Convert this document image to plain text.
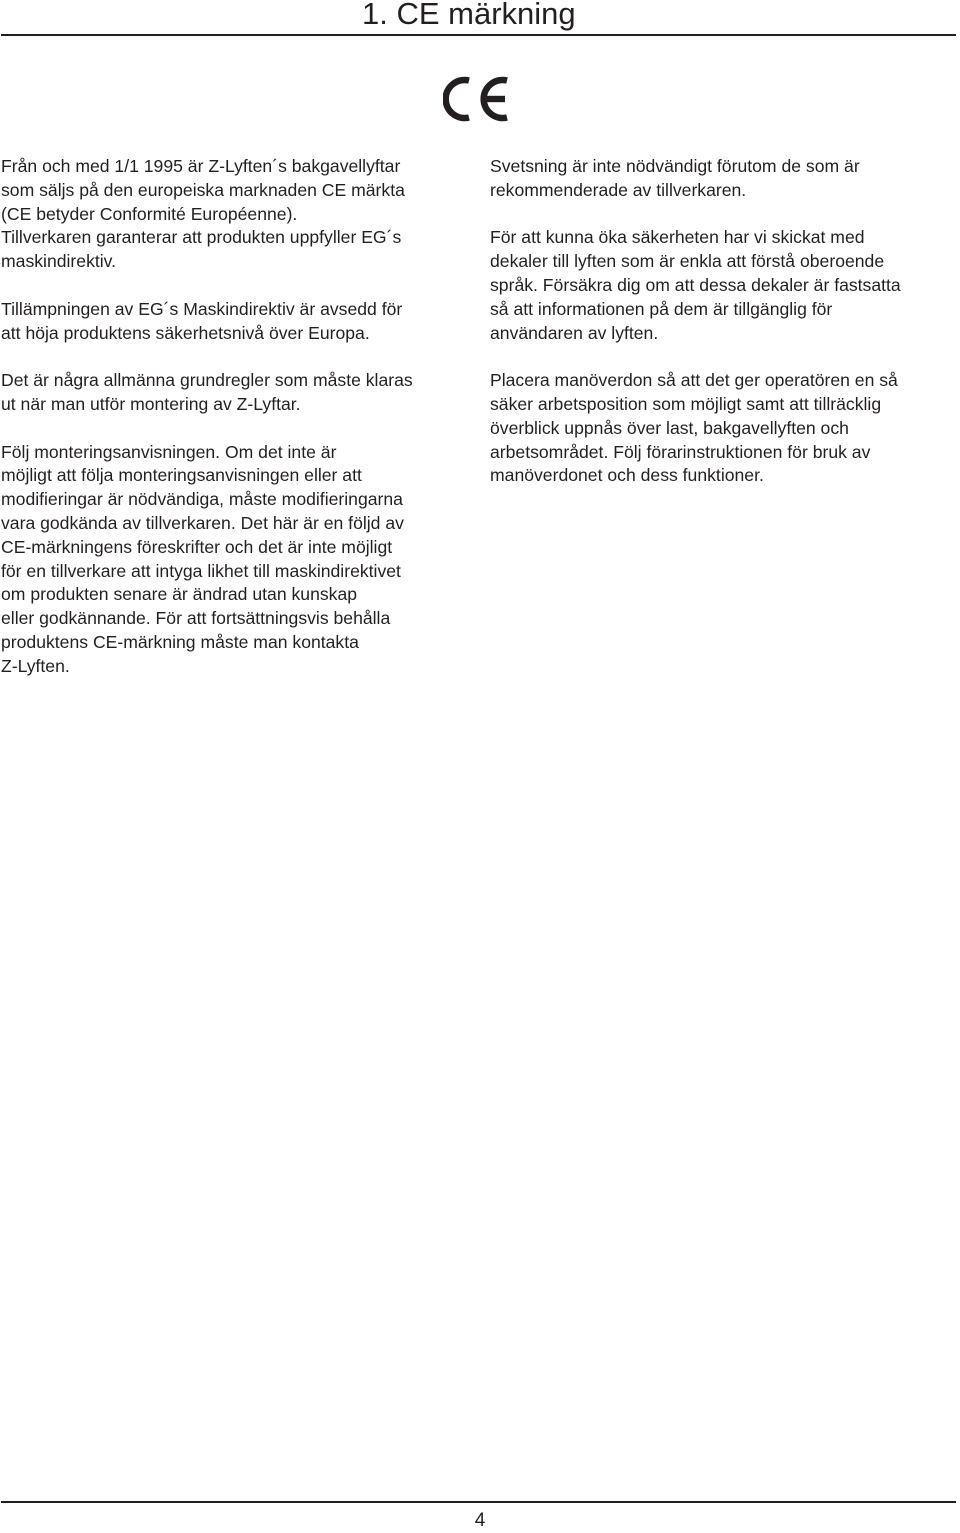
1. CE märkning

Från och med 1/1 1995 är Z-Lyften´s bakgavellyftar
som säljs på den europeiska marknaden CE märkta
(CE betyder Conformité Européenne).
Tillverkaren garanterar att produkten uppfyller EG´s
maskindirektiv.

Tillämpningen av EG´s Maskindirektiv är avsedd för
att höja produktens säkerhetsnivå över Europa.

Det är några allmänna grundregler som måste klaras
ut när man utför montering av Z-Lyftar.

Följ monteringsanvisningen. Om det inte är
möjligt att följa monteringsanvisningen eller att
modifieringar är nödvändiga, måste modifieringarna
vara godkända av tillverkaren. Det här är en följd av
CE-märkningens föreskrifter och det är inte möjligt
för en tillverkare att intyga likhet till maskindirektivet
om produkten senare är ändrad utan kunskap
eller godkännande. För att fortsättningsvis behålla
produktens CE-märkning måste man kontakta
Z-Lyften.

Svetsning är inte nödvändigt förutom de som är
rekommenderade av tillverkaren.

För att kunna öka säkerheten har vi skickat med
dekaler till lyften som är enkla att förstå oberoende
språk. Försäkra dig om att dessa dekaler är fastsatta
så att informationen på dem är tillgänglig för
användaren av lyften.

Placera manöverdon så att det ger operatören en så
säker arbetsposition som möjligt samt att tillräcklig
överblick uppnås över last, bakgavellyften och
arbetsområdet. Följ förarinstruktionen för bruk av
manöverdonet och dess funktioner.

4
